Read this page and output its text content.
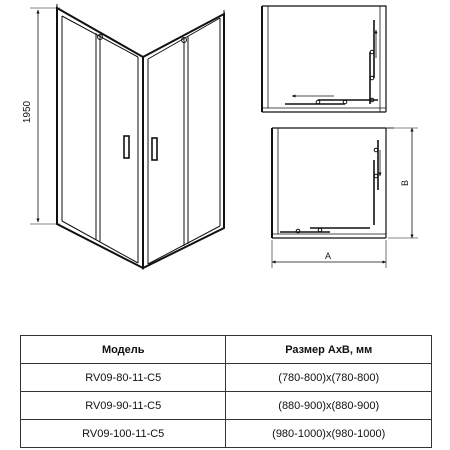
1950
A
B
Модель	Размер AxB, мм
RV09-80-11-C5	(780-800)x(780-800)
RV09-90-11-C5	(880-900)x(880-900)
RV09-100-11-C5	(980-1000)x(980-1000)
